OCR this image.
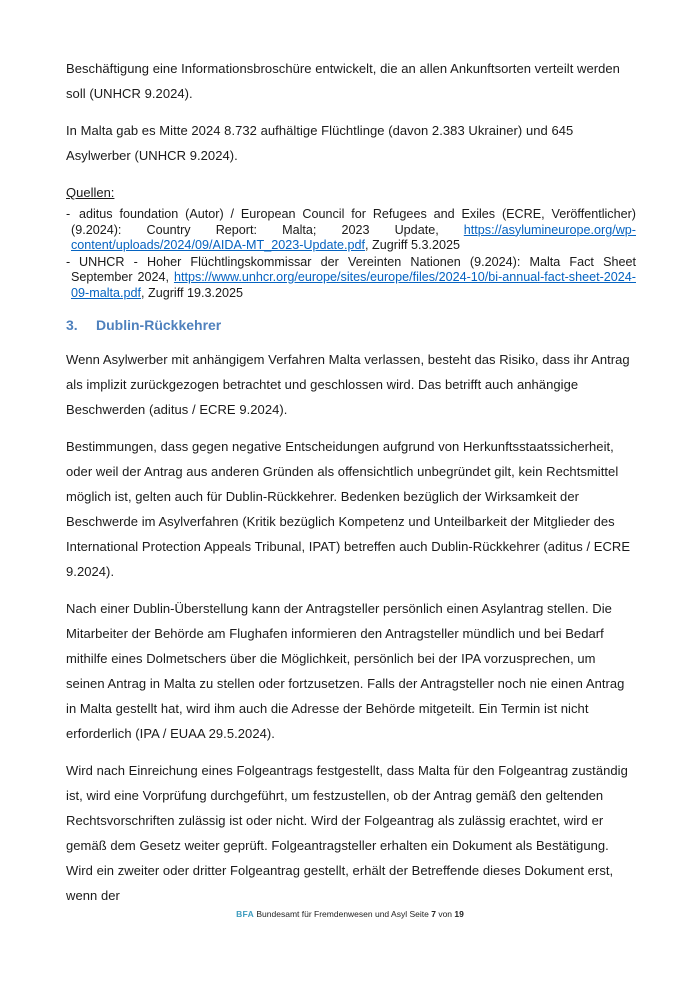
Beschäftigung eine Informationsbroschüre entwickelt, die an allen Ankunftsorten verteilt werden soll (UNHCR 9.2024).

In Malta gab es Mitte 2024 8.732 aufhältige Flüchtlinge (davon 2.383 Ukrainer) und 645 Asylwerber (UNHCR 9.2024).

Quellen:

- aditus foundation (Autor) / European Council for Refugees and Exiles (ECRE, Veröffentlicher) (9.2024): Country Report: Malta; 2023 Update, https://asylumineurope.org/wp-content/uploads/2024/09/AIDA-MT_2023-Update.pdf, Zugriff 5.3.2025
- UNHCR - Hoher Flüchtlingskommissar der Vereinten Nationen (9.2024): Malta Fact Sheet September 2024, https://www.unhcr.org/europe/sites/europe/files/2024-10/bi-annual-fact-sheet-2024-09-malta.pdf, Zugriff 19.3.2025
3. Dublin-Rückkehrer

Wenn Asylwerber mit anhängigem Verfahren Malta verlassen, besteht das Risiko, dass ihr Antrag als implizit zurückgezogen betrachtet und geschlossen wird. Das betrifft auch anhängige Beschwerden (aditus / ECRE 9.2024).

Bestimmungen, dass gegen negative Entscheidungen aufgrund von Herkunftsstaatssicherheit, oder weil der Antrag aus anderen Gründen als offensichtlich unbegründet gilt, kein Rechtsmittel möglich ist, gelten auch für Dublin-Rückkehrer. Bedenken bezüglich der Wirksamkeit der Beschwerde im Asylverfahren (Kritik bezüglich Kompetenz und Unteilbarkeit der Mitglieder des International Protection Appeals Tribunal, IPAT) betreffen auch Dublin-Rückkehrer (aditus / ECRE 9.2024).

Nach einer Dublin-Überstellung kann der Antragsteller persönlich einen Asylantrag stellen. Die Mitarbeiter der Behörde am Flughafen informieren den Antragsteller mündlich und bei Bedarf mithilfe eines Dolmetschers über die Möglichkeit, persönlich bei der IPA vorzusprechen, um seinen Antrag in Malta zu stellen oder fortzusetzen. Falls der Antragsteller noch nie einen Antrag in Malta gestellt hat, wird ihm auch die Adresse der Behörde mitgeteilt. Ein Termin ist nicht erforderlich (IPA / EUAA 29.5.2024).

Wird nach Einreichung eines Folgeantrags festgestellt, dass Malta für den Folgeantrag zuständig ist, wird eine Vorprüfung durchgeführt, um festzustellen, ob der Antrag gemäß den geltenden Rechtsvorschriften zulässig ist oder nicht. Wird der Folgeantrag als zulässig erachtet, wird er gemäß dem Gesetz weiter geprüft. Folgeantragsteller erhalten ein Dokument als Bestätigung. Wird ein zweiter oder dritter Folgeantrag gestellt, erhält der Betreffende dieses Dokument erst, wenn der

BFA Bundesamt für Fremdenwesen und Asyl Seite 7 von 19
